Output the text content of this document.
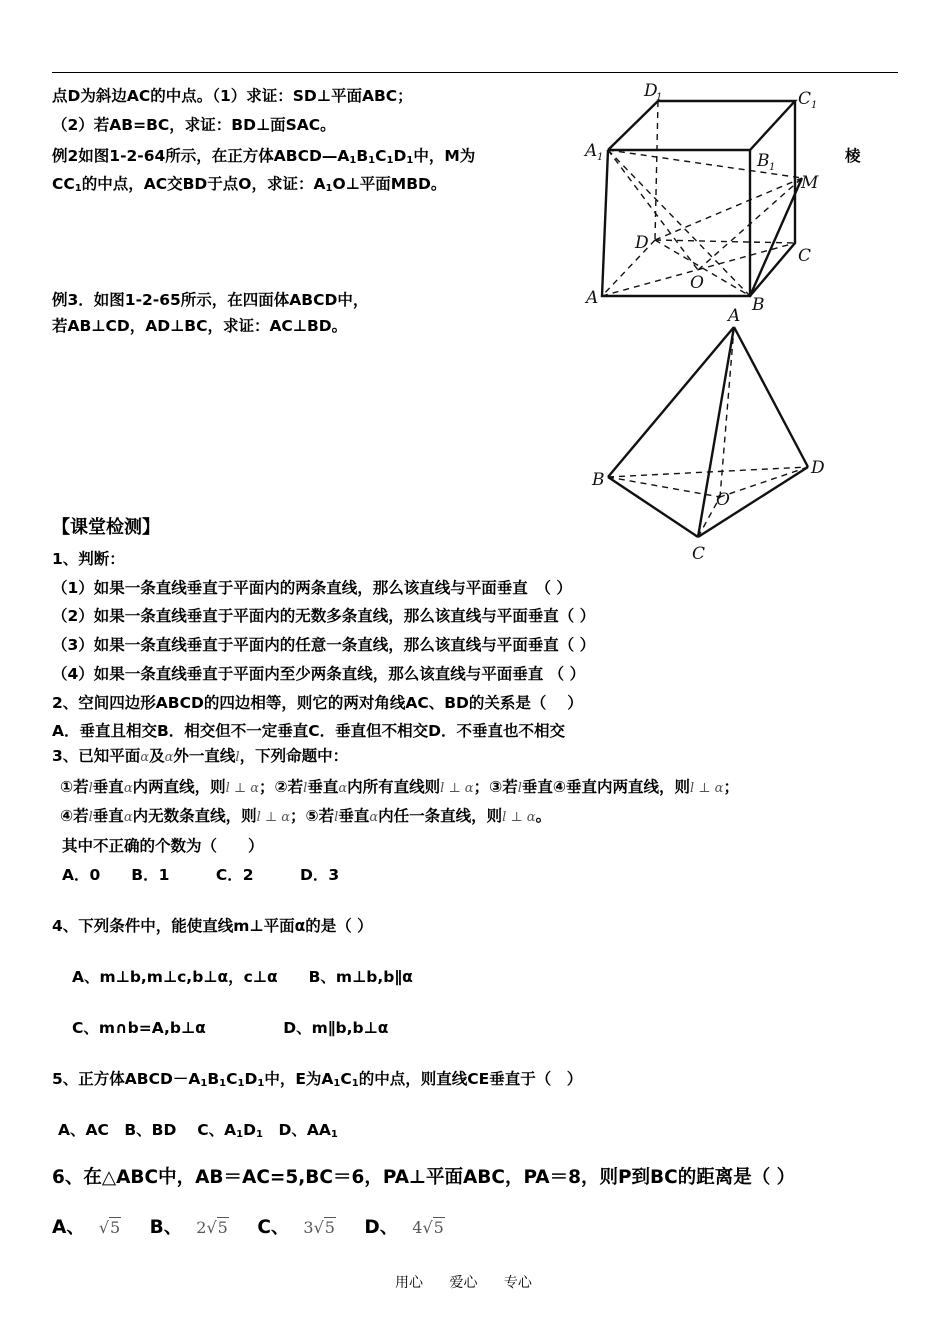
点D为斜边AC的中点。（1）求证：SD⊥平面ABC；
（2）若AB=BC，求证：BD⊥面SAC。
例2如图1-2-64所示，在正方体$ABCD—A_1B_1C_1D_1$中，M为	棱
$CC_1$的中点，AC交BD于点O，求证：$A_1O\perp$平面MBD。
例3．如图1-2-65所示，在四面体ABCD中，
若AB⊥CD，AD⊥BC，求证：AC⊥BD。
D
1	C 1
A 1	B 1
M
D
C
A
O
B
A
B
D
O
C
【课堂检测】
1、判断：
（1）如果一条直线垂直于平面内的两条直线，那么该直线与平面垂直　（ ）
（2）如果一条直线垂直于平面内的无数多条直线，那么该直线与平面垂直（ ）
（3）如果一条直线垂直于平面内的任意一条直线，那么该直线与平面垂直（ ）
（4）如果一条直线垂直于平面内至少两条直线，那么该直线与平面垂直 （ ）
2、空间四边形ABCD的四边相等，则它的两对角线AC、BD的关系是（　 ）
A．垂直且相交B．相交但不一定垂直C．垂直但不相交D．不垂直也不相交
3、已知平面α及α外一直线l，下列命题中：
①若l垂直α内两直线，则l ⊥ α；②若l垂直α内所有直线则l ⊥ α；③若l垂直④垂直内两直线，则l ⊥ α；
④若l垂直α内无数条直线，则l ⊥ α；⑤若l垂直α内任一条直线，则l ⊥ α。
其中不正确的个数为（　　）
A．0　　B．1　　　C．2　　　D．3
4、下列条件中，能使直线m⊥平面α的是（ ）
A、m⊥b,m⊥c,b⊥α，c⊥α　　B、m⊥b,b∥α
C、m∩b=A,b⊥α　　　　　D、m∥b,b⊥α
5、正方体$ABCD-A_1B_1C_1D_1$中，E为$A_1C_1$的中点，则直线CE垂直于（　）
A、AC　B、BD　 C、$A_1D_1$　D、$AA_1$
6、在△ABC中，AB＝AC=5,BC＝6，PA⊥平面ABC，PA＝8，则P到BC的距离是（ ）
A、 √5 B、 2√5 C、 3√5 D、 4√5
用心 爱心 专心
